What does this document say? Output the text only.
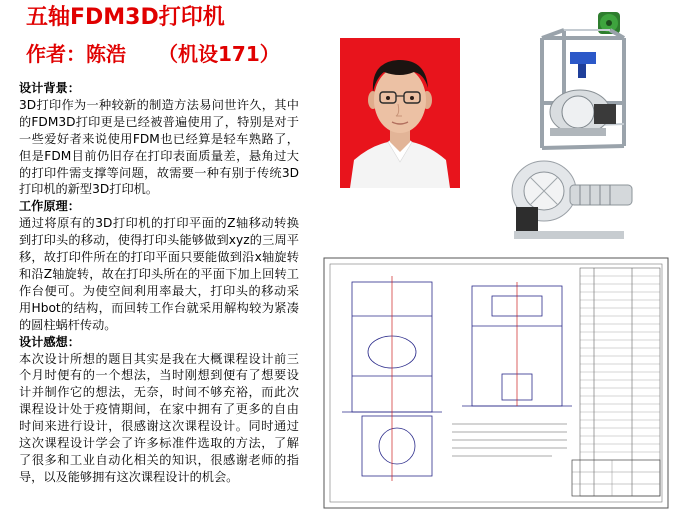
五轴FDM3D打印机
作者：陈浩 （机设171）
设计背景：

3D打印作为一种较新的制造方法易问世许久，其中的FDM3D打印更是已经被普遍使用了，特别是对于一些爱好者来说使用FDM也已经算是轻车熟路了，但是FDM目前仍旧存在打印表面质量差，悬角过大的打印件需支撑等问题，故需要一种有别于传统3D打印机的新型3D打印机。

工作原理：

通过将原有的3D打印机的打印平面的Z轴移动转换到打印头的移动，使得打印头能够做到xyz的三周平移，故打印件所在的打印平面只要能做到沿x轴旋转和沿Z轴旋转，故在打印头所在的平面下加上回转工作台便可。为使空间利用率最大，打印头的移动采用Hbot的结构，而回转工作台就采用解构较为紧凑的圆柱蜗杆传动。

设计感想：

本次设计所想的题目其实是我在大概课程设计前三个月时便有的一个想法，当时刚想到便有了想要设计并制作它的想法，无奈，时间不够充裕，而此次课程设计处于疫情期间，在家中拥有了更多的自由时间来进行设计，很感谢这次课程设计。同时通过这次课程设计学会了许多标准件选取的方法，了解了很多和工业自动化相关的知识，很感谢老师的指导，以及能够拥有这次课程设计的机会。
